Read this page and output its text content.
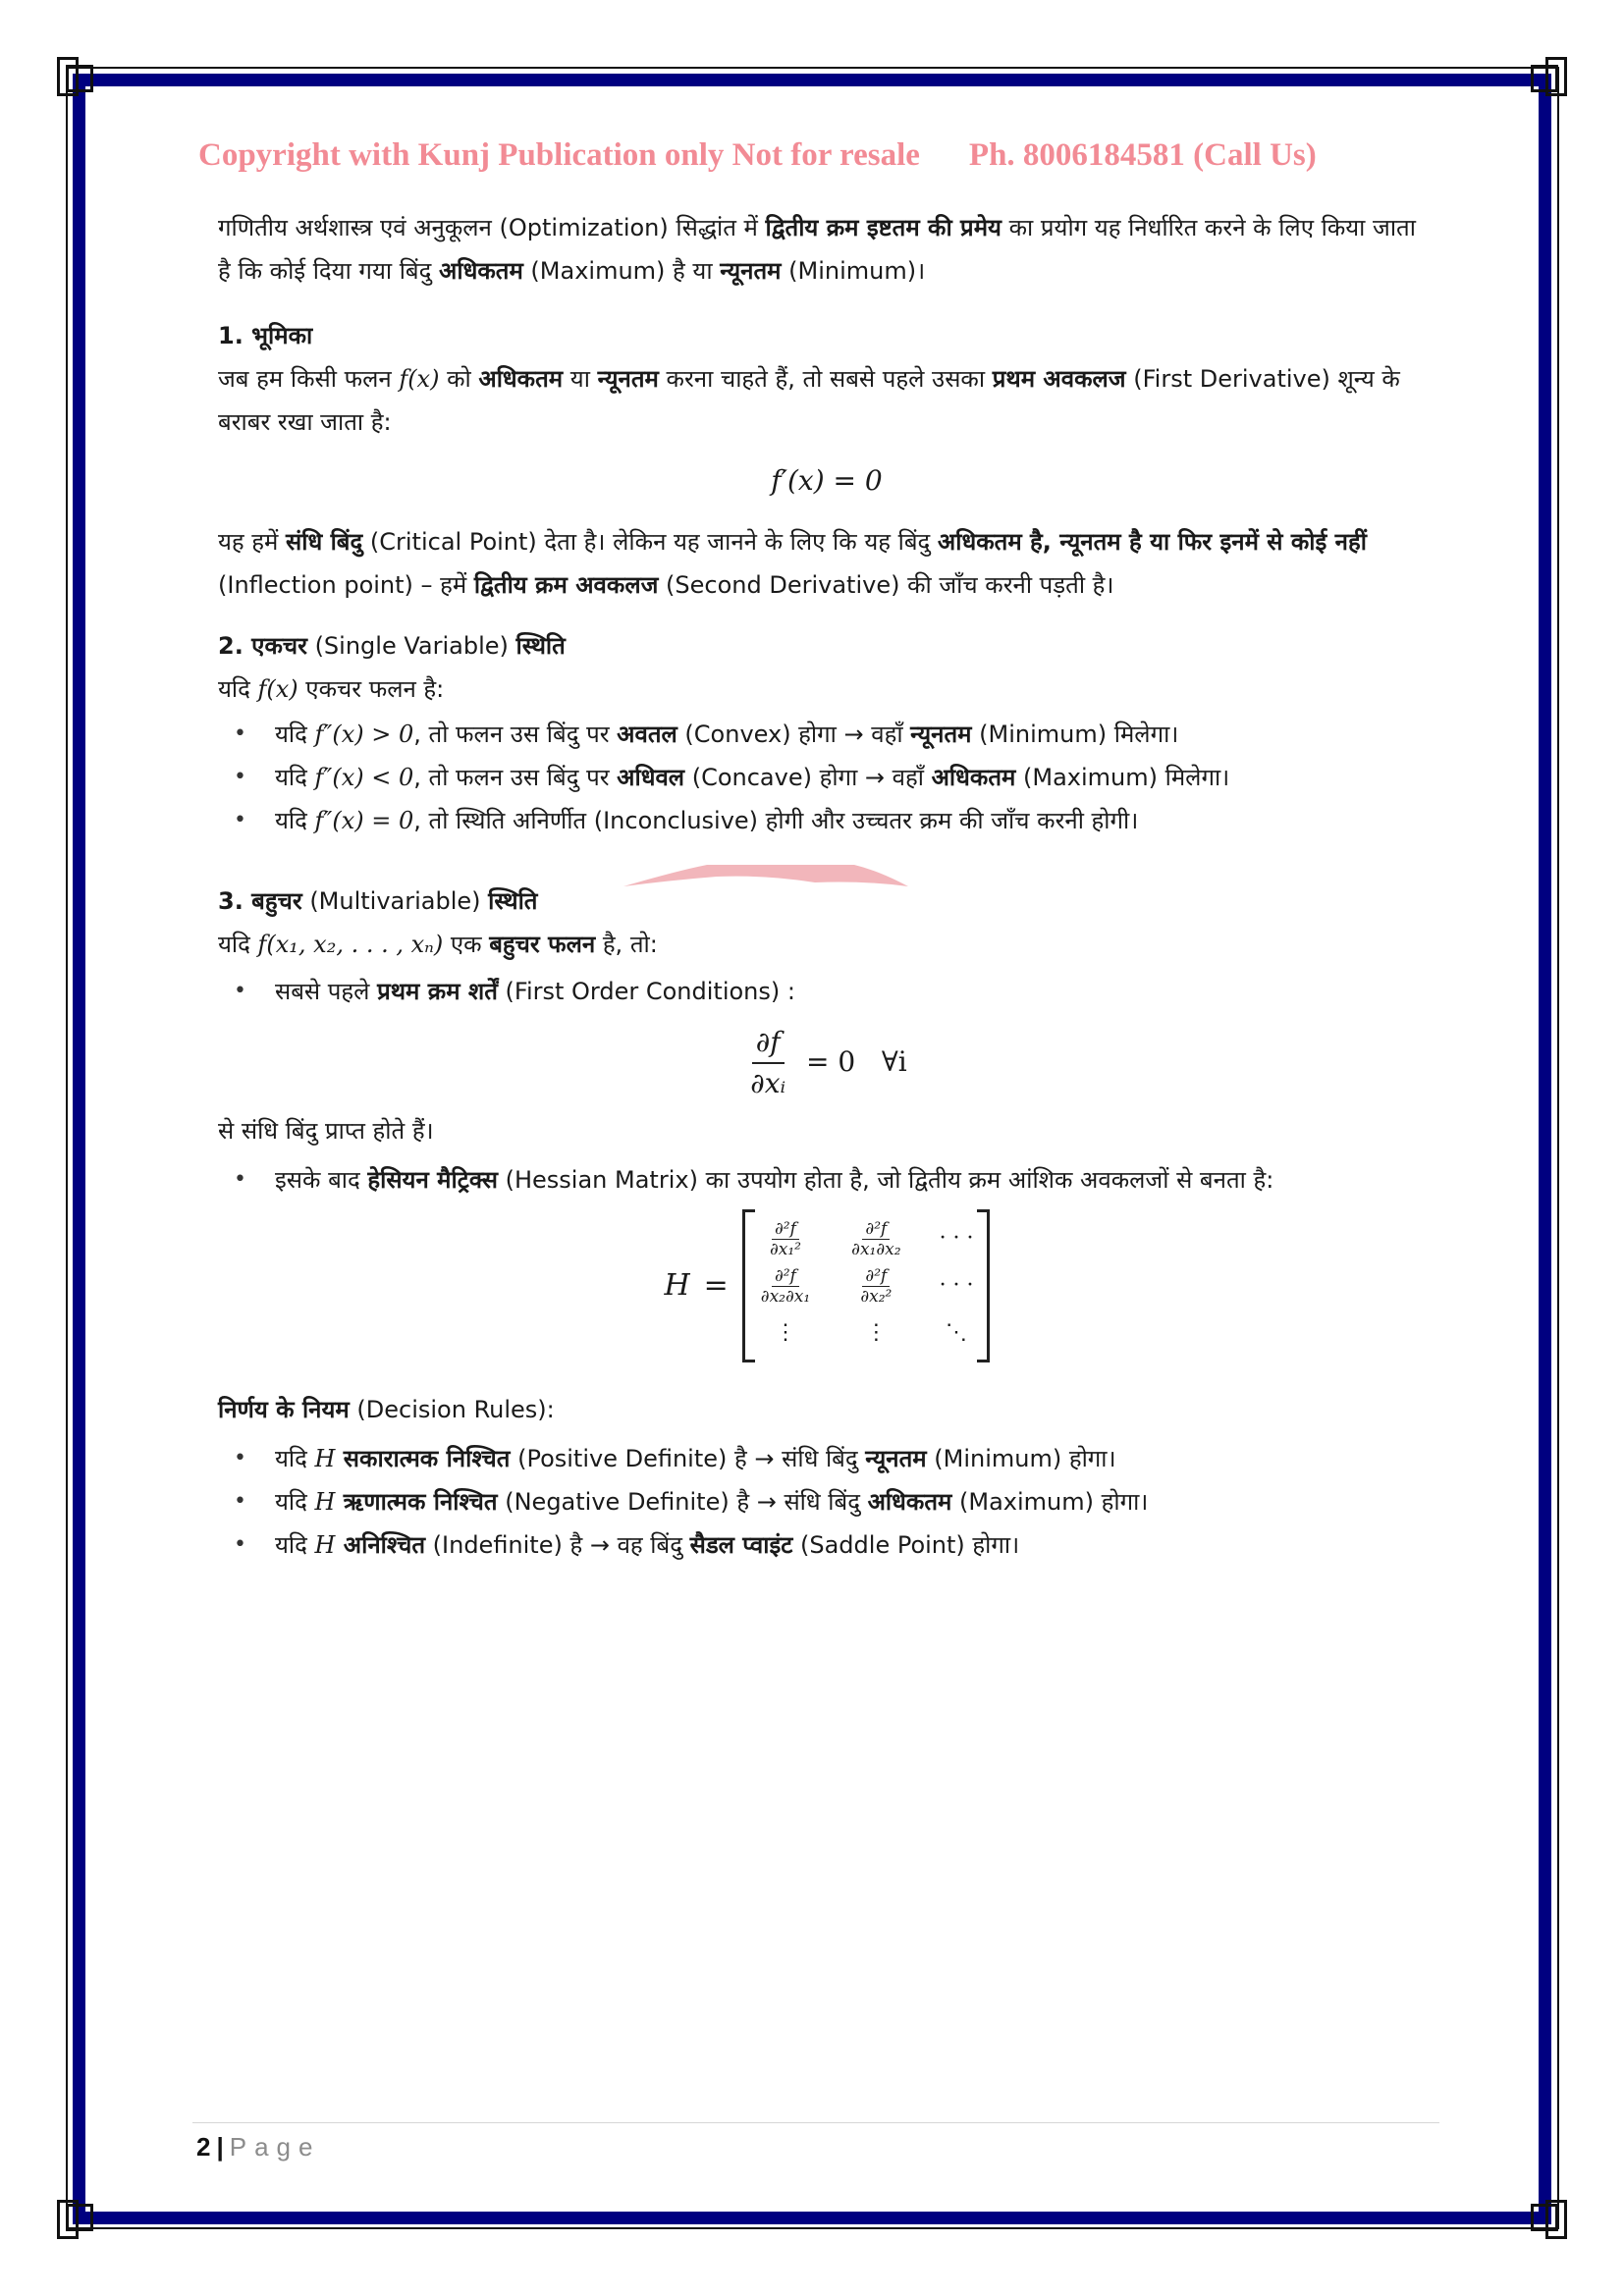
Copyright with Kunj Publication only Not for resale Ph. 8006184581 (Call Us)

गणितीय अर्थशास्त्र एवं अनुकूलन (Optimization) सिद्धांत में द्वितीय क्रम इष्टतम की प्रमेय का प्रयोग यह निर्धारित करने के लिए किया जाता है कि कोई दिया गया बिंदु अधिकतम (Maximum) है या न्यूनतम (Minimum)।

1. भूमिका

जब हम किसी फलन f(x) को अधिकतम या न्यूनतम करना चाहते हैं, तो सबसे पहले उसका प्रथम अवकलज (First Derivative) शून्य के बराबर रखा जाता है:

f′(x) = 0

यह हमें संधि बिंदु (Critical Point) देता है। लेकिन यह जानने के लिए कि यह बिंदु अधिकतम है, न्यूनतम है या फिर इनमें से कोई नहीं (Inflection point) – हमें द्वितीय क्रम अवकलज (Second Derivative) की जाँच करनी पड़ती है।

2. एकचर (Single Variable) स्थिति

यदि f(x) एकचर फलन है:

• यदि f″(x) > 0, तो फलन उस बिंदु पर अवतल (Convex) होगा → वहाँ न्यूनतम (Minimum) मिलेगा।
• यदि f″(x) < 0, तो फलन उस बिंदु पर अधिवल (Concave) होगा → वहाँ अधिकतम (Maximum) मिलेगा।
• यदि f″(x) = 0, तो स्थिति अनिर्णीत (Inconclusive) होगी और उच्चतर क्रम की जाँच करनी होगी।

3. बहुचर (Multivariable) स्थिति

यदि f(x₁, x₂, . . . , xₙ) एक बहुचर फलन है, तो:

• सबसे पहले प्रथम क्रम शर्तें (First Order Conditions) :
$\frac{\partial f}{\text{∂xᵢ}} = 0$   ∀i

से संधि बिंदु प्राप्त होते हैं।

• इसके बाद हेसियन मैट्रिक्स (Hessian Matrix) का उपयोग होता है, जो द्वितीय क्रम आंशिक अवकलजों से बनता है:
H =
$\frac{\text{∂²f}}{\text{∂x₁²}}$	$\frac{\text{∂²f}}{\text{∂x₁∂x₂}}$ · · ·
$\frac{\text{∂²f}}{\text{∂x₂∂x₁}}$	$\frac{\text{∂²f}}{\text{∂x₂²}}$ · · ·
⋮	⋮	⋱

निर्णय के नियम (Decision Rules):

• यदि H सकारात्मक निश्चित (Positive Definite) है → संधि बिंदु न्यूनतम (Minimum) होगा।
• यदि H ऋणात्मक निश्चित (Negative Definite) है → संधि बिंदु अधिकतम (Maximum) होगा।
• यदि H अनिश्चित (Indefinite) है → वह बिंदु सैडल प्वाइंट (Saddle Point) होगा।
2 | Page
